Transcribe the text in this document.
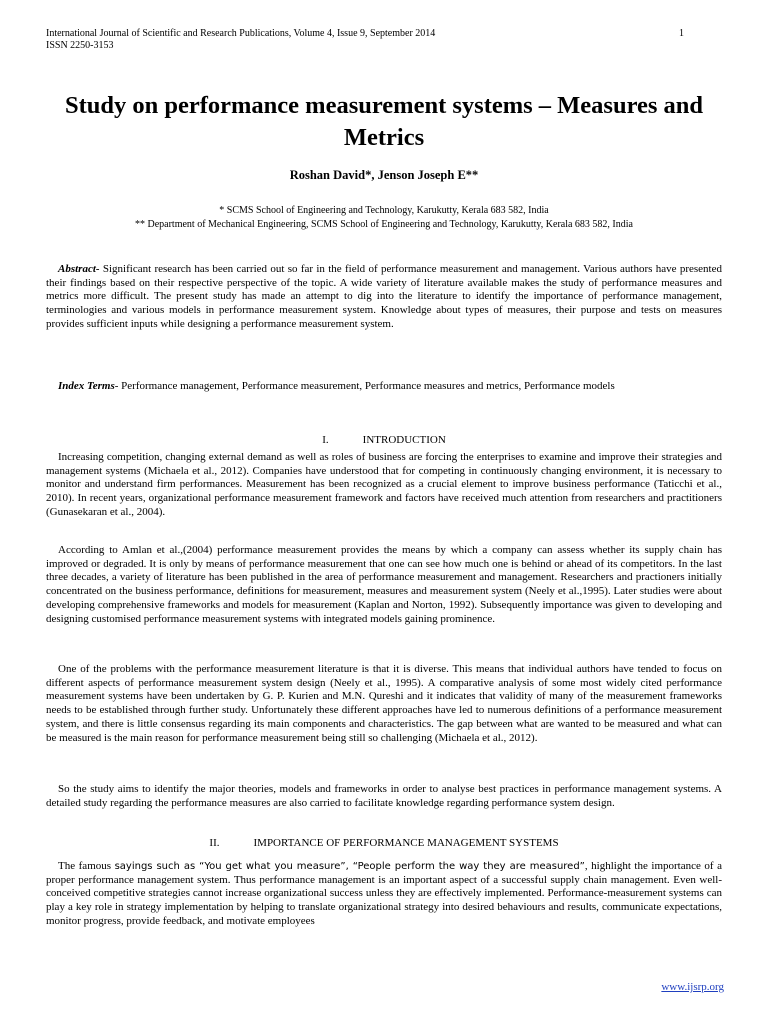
International Journal of Scientific and Research Publications, Volume 4, Issue 9, September 2014
ISSN 2250-3153
1
Study on performance measurement systems – Measures and Metrics
Roshan David*, Jenson Joseph E**
* SCMS School of Engineering and Technology, Karukutty, Kerala 683 582, India
** Department of Mechanical Engineering, SCMS School of Engineering and Technology, Karukutty, Kerala 683 582, India
Abstract- Significant research has been carried out so far in the field of performance measurement and management. Various authors have presented their findings based on their respective perspective of the topic. A wide variety of literature available makes the study of performance measures and metrics more difficult. The present study has made an attempt to dig into the literature to identify the importance of performance management, terminologies and various models in performance measurement system. Knowledge about types of measures, their purpose and tests on measures provides sufficient inputs while designing a performance measurement system.
Index Terms- Performance management, Performance measurement, Performance measures and metrics, Performance models
I.	INTRODUCTION
Increasing competition, changing external demand as well as roles of business are forcing the enterprises to examine and improve their strategies and management systems (Michaela et al., 2012). Companies have understood that for competing in continuously changing environment, it is necessary to monitor and understand firm performances. Measurement has been recognized as a crucial element to improve business performance (Taticchi et al., 2010). In recent years, organizational performance measurement framework and factors have received much attention from researchers and practitioners (Gunasekaran et al., 2004).
According to Amlan et al.,(2004) performance measurement provides the means by which a company can assess whether its supply chain has improved or degraded. It is only by means of performance measurement that one can see how much one is behind or ahead of its competitors. In the last three decades, a variety of literature has been published in the area of performance measurement and management. Researchers and practioners initially concentrated on the business performance, definitions for measurement, measures and measurement system (Neely et al.,1995). Later studies were about developing comprehensive frameworks and models for measurement (Kaplan and Norton, 1992). Subsequently importance was given to developing and designing customised performance measurement systems with integrated models gaining prominence.
One of the problems with the performance measurement literature is that it is diverse. This means that individual authors have tended to focus on different aspects of performance measurement system design (Neely et al., 1995). A comparative analysis of some most widely cited performance measurement systems have been undertaken by G. P. Kurien and M.N. Qureshi and it indicates that validity of many of the measurement frameworks needs to be established through further study. Unfortunately these different approaches have led to numerous definitions of a performance measurement system, and there is little consensus regarding its main components and characteristics. The gap between what are wanted to be measured and what can be measured is the main reason for performance measurement being still so challenging (Michaela et al., 2012).
So the study aims to identify the major theories, models and frameworks in order to analyse best practices in performance management systems. A detailed study regarding the performance measures are also carried to facilitate knowledge regarding performance system design.
II.	IMPORTANCE OF PERFORMANCE MANAGEMENT SYSTEMS
The famous sayings such as “You get what you measure”, “People perform the way they are measured”, highlight the importance of a proper performance management system. Thus performance management is an important aspect of a successful supply chain management. Even well-conceived competitive strategies cannot increase organizational success unless they are effectively implemented. Performance-measurement systems can play a key role in strategy implementation by helping to translate organizational strategy into desired behaviours and results, communicate expectations, monitor progress, provide feedback, and motivate employees
www.ijsrp.org
